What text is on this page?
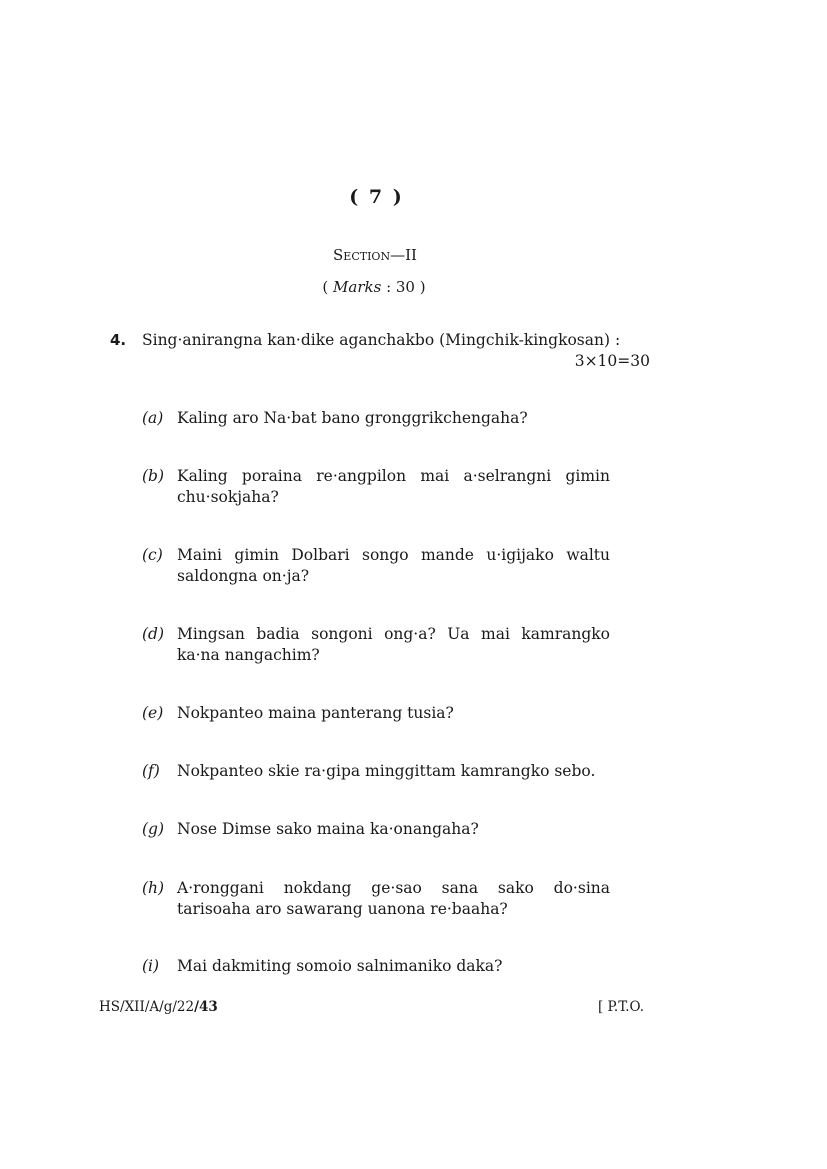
( 7 )
Section—II
( Marks : 30 )
4. Sing·anirangna kan·dike aganchakbo (Mingchik-kingkosan) :
3×10=30
(a) Kaling aro Na·bat bano gronggrikchengaha?
(b) Kaling poraina re·angpilon mai a·selrangni gimin chu·sokjaha?
(c) Maini gimin Dolbari songo mande u·igijako waltu saldongna on·ja?
(d) Mingsan badia songoni ong·a? Ua mai kamrangko ka·na nangachim?
(e) Nokpanteo maina panterang tusia?
(f) Nokpanteo skie ra·gipa minggittam kamrangko sebo.
(g) Nose Dimse sako maina ka·onangaha?
(h) A·ronggani nokdang ge·sao sana sako do·sina tarisoaha aro sawarang uanona re·baaha?
(i) Mai dakmiting somoio salnimaniko daka?
HS/XII/A/g/22/43	[ P.T.O.
